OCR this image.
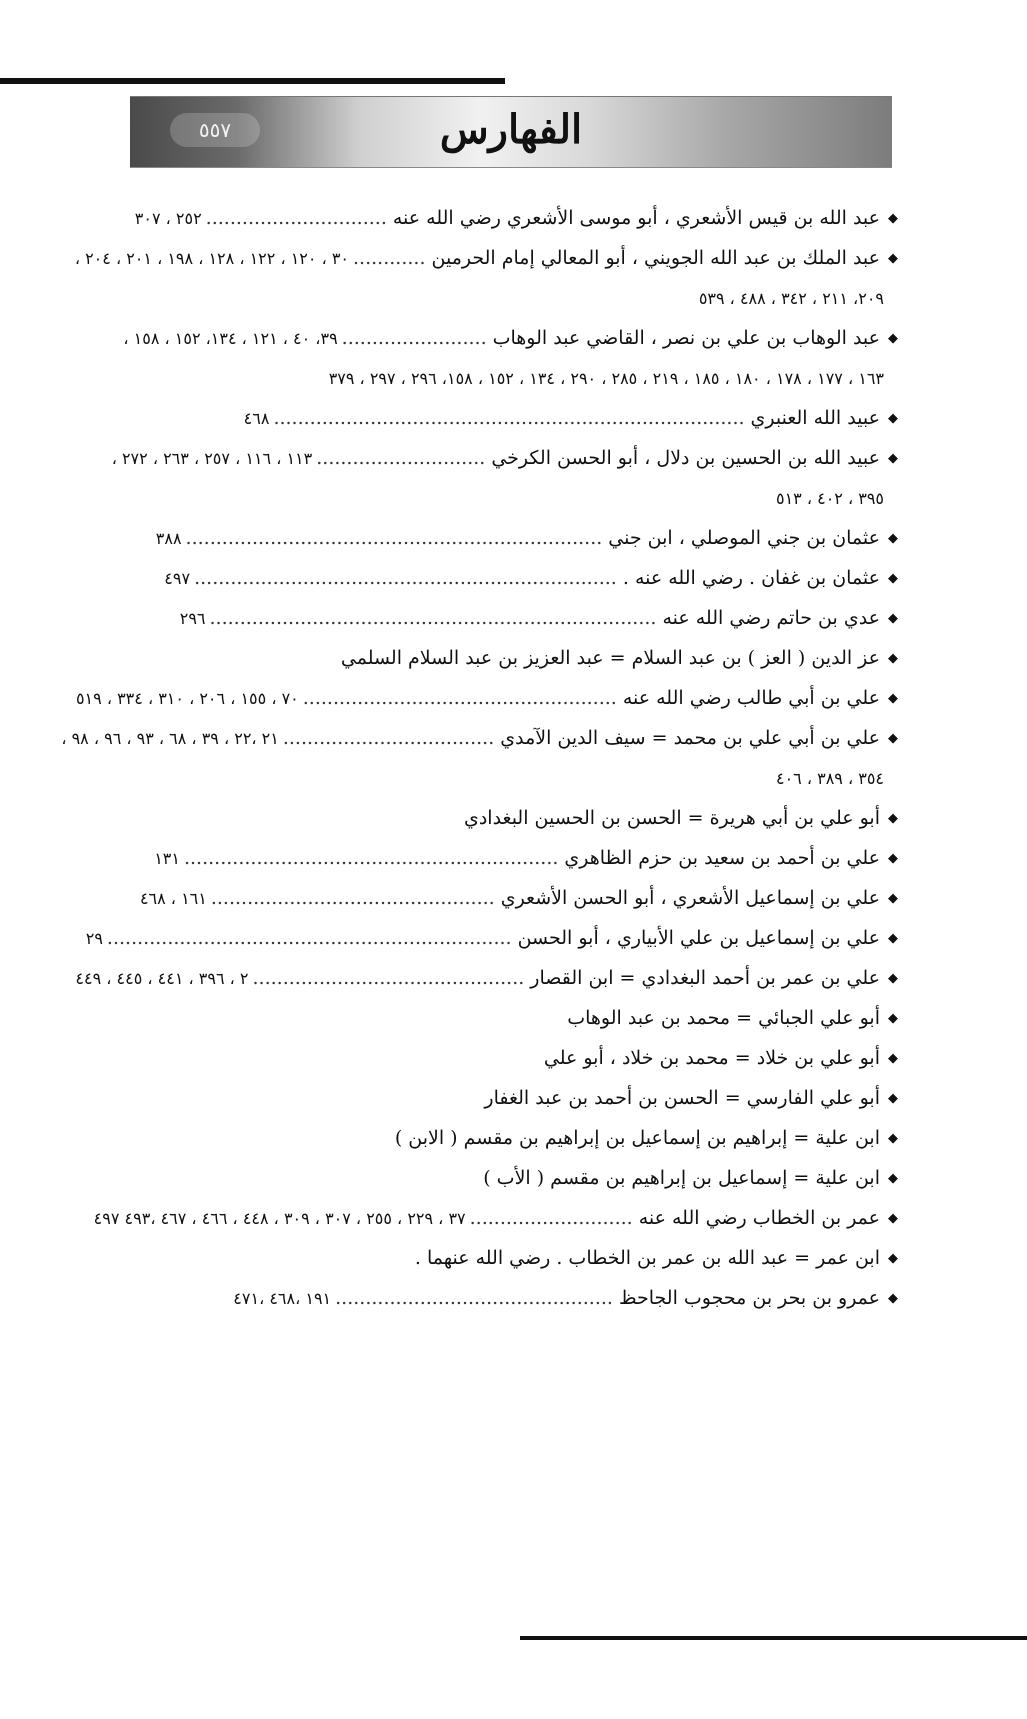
٥٥٧	الفهارس
◆عبد الله بن قيس الأشعري ، أبو موسى الأشعري رضي الله عنه..............................٢٥٢ ، ٣٠٧
◆عبد الملك بن عبد الله الجويني ، أبو المعالي إمام الحرمين............٣٠ ، ١٢٠ ، ١٢٢ ، ١٢٨ ، ١٩٨ ، ٢٠١ ، ٢٠٤ ،
٢٠٩، ٢١١ ، ٣٤٢ ، ٤٨٨ ، ٥٣٩
◆عبد الوهاب بن علي بن نصر ، القاضي عبد الوهاب........................٣٩، ٤٠ ، ١٢١ ، ١٣٤، ١٥٢ ، ١٥٨ ،
١٦٣ ، ١٧٧ ، ١٧٨ ، ١٨٠ ، ١٨٥ ، ٢١٩ ، ٢٨٥ ، ٢٩٠ ، ١٣٤ ، ١٥٢ ، ١٥٨، ٢٩٦ ، ٢٩٧ ، ٣٧٩
◆عبيد الله العنبري..............................................................................٤٦٨
◆عبيد الله بن الحسين بن دلال ، أبو الحسن الكرخي............................١١٣ ، ١١٦ ، ٢٥٧ ، ٢٦٣ ، ٢٧٢ ،
٣٩٥ ، ٤٠٢ ، ٥١٣
◆عثمان بن جني الموصلي ، ابن جني.....................................................................٣٨٨
◆عثمان بن غفان . رضي الله عنه .......................................................................٤٩٧
◆عدي بن حاتم رضي الله عنه..........................................................................٢٩٦
◆عز الدين ( العز ) بن عبد السلام = عبد العزيز بن عبد السلام السلمي
◆علي بن أبي طالب رضي الله عنه....................................................٧٠ ، ١٥٥ ، ٢٠٦ ، ٣١٠ ، ٣٣٤ ، ٥١٩
◆علي بن أبي علي بن محمد = سيف الدين الآمدي...................................٢١ ،٢٢ ، ٣٩ ، ٦٨ ، ٩٣ ، ٩٦ ، ٩٨ ،
٣٥٤ ، ٣٨٩ ، ٤٠٦
◆أبو علي بن أبي هريرة = الحسن بن الحسين البغدادي
◆علي بن أحمد بن سعيد بن حزم الظاهري..............................................................١٣١
◆علي بن إسماعيل الأشعري ، أبو الحسن الأشعري...............................................١٦١ ، ٤٦٨
◆علي بن إسماعيل بن علي الأبياري ، أبو الحسن...................................................................٢٩
◆علي بن عمر بن أحمد البغدادي = ابن القصار.............................................٢ ، ٣٩٦ ، ٤٤١ ، ٤٤٥ ، ٤٤٩
◆أبو علي الجبائي = محمد بن عبد الوهاب
◆أبو علي بن خلاد = محمد بن خلاد ، أبو علي
◆أبو علي الفارسي = الحسن بن أحمد بن عبد الغفار
◆ابن علية = إبراهيم بن إسماعيل بن إبراهيم بن مقسم ( الابن )
◆ابن علية = إسماعيل بن إبراهيم بن مقسم ( الأب )
◆عمر بن الخطاب رضي الله عنه...........................٣٧ ، ٢٢٩ ، ٢٥٥ ، ٣٠٧ ، ٣٠٩ ، ٤٤٨ ، ٤٦٦ ، ٤٦٧ ،٤٩٣ ٤٩٧
◆ابن عمر = عبد الله بن عمر بن الخطاب . رضي الله عنهما .
◆عمرو بن بحر بن محجوب الجاحظ..............................................١٩١ ،٤٦٨ ،٤٧١
